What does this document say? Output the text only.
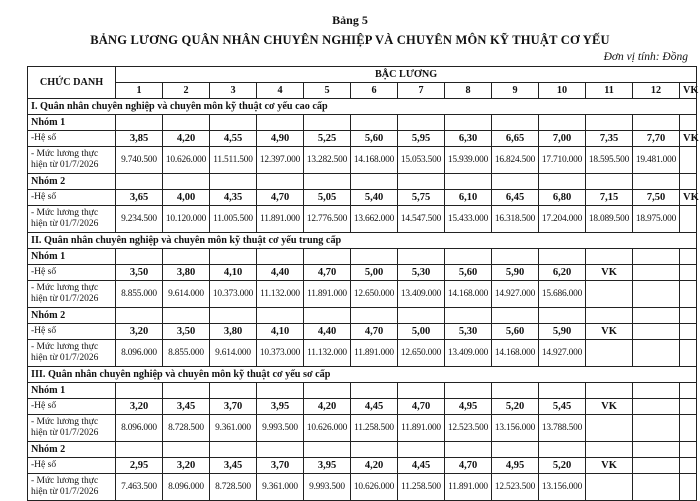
Bảng 5
BẢNG LƯƠNG QUÂN NHÂN CHUYÊN NGHIỆP VÀ CHUYÊN MÔN KỸ THUẬT CƠ YẾU
Đơn vị tính: Đồng
CHỨC DANH	BẬC LƯƠNG												
	1	2	3	4	5	6	7	8	9	10	11	12	VK
I. Quân nhân chuyên nghiệp và chuyên môn kỹ thuật cơ yếu cao cấp													
Nhóm 1													
-Hệ số	3,85	4,20	4,55	4,90	5,25	5,60	5,95	6,30	6,65	7,00	7,35	7,70	VK

- Mức lương thực
hiện từ 01/7/2026	9.740.500	10.626.000	11.511.500	12.397.000	13.282.500	14.168.000	15.053.500	15.939.000	16.824.500	17.710.000	18.595.500	19.481.000	
Nhóm 2													
-Hệ số	3,65	4,00	4,35	4,70	5,05	5,40	5,75	6,10	6,45	6,80	7,15	7,50	VK

- Mức lương thực
hiện từ 01/7/2026	9.234.500	10.120.000	11.005.500	11.891.000	12.776.500	13.662.000	14.547.500	15.433.000	16.318.500	17.204.000	18.089.500	18.975.000	
II. Quân nhân chuyên nghiệp và chuyên môn kỹ thuật cơ yếu trung cấp													
Nhóm 1													
-Hệ số	3,50	3,80	4,10	4,40	4,70	5,00	5,30	5,60	5,90	6,20	VK		

- Mức lương thực
hiện từ 01/7/2026	8.855.000	9.614.000	10.373.000	11.132.000	11.891.000	12.650.000	13.409.000	14.168.000	14.927.000	15.686.000			
Nhóm 2													
-Hệ số	3,20	3,50	3,80	4,10	4,40	4,70	5,00	5,30	5,60	5,90	VK		

- Mức lương thực
hiện từ 01/7/2026	8.096.000	8.855.000	9.614.000	10.373.000	11.132.000	11.891.000	12.650.000	13.409.000	14.168.000	14.927.000			
III. Quân nhân chuyên nghiệp và chuyên môn kỹ thuật cơ yếu sơ cấp													
Nhóm 1													
-Hệ số	3,20	3,45	3,70	3,95	4,20	4,45	4,70	4,95	5,20	5,45	VK		

- Mức lương thực
hiện từ 01/7/2026	8.096.000	8.728.500	9.361.000	9.993.500	10.626.000	11.258.500	11.891.000	12.523.500	13.156.000	13.788.500			
Nhóm 2													
-Hệ số	2,95	3,20	3,45	3,70	3,95	4,20	4,45	4,70	4,95	5,20	VK		

- Mức lương thực
hiện từ 01/7/2026	7.463.500	8.096.000	8.728.500	9.361.000	9.993.500	10.626.000	11.258.500	11.891.000	12.523.500	13.156.000			
